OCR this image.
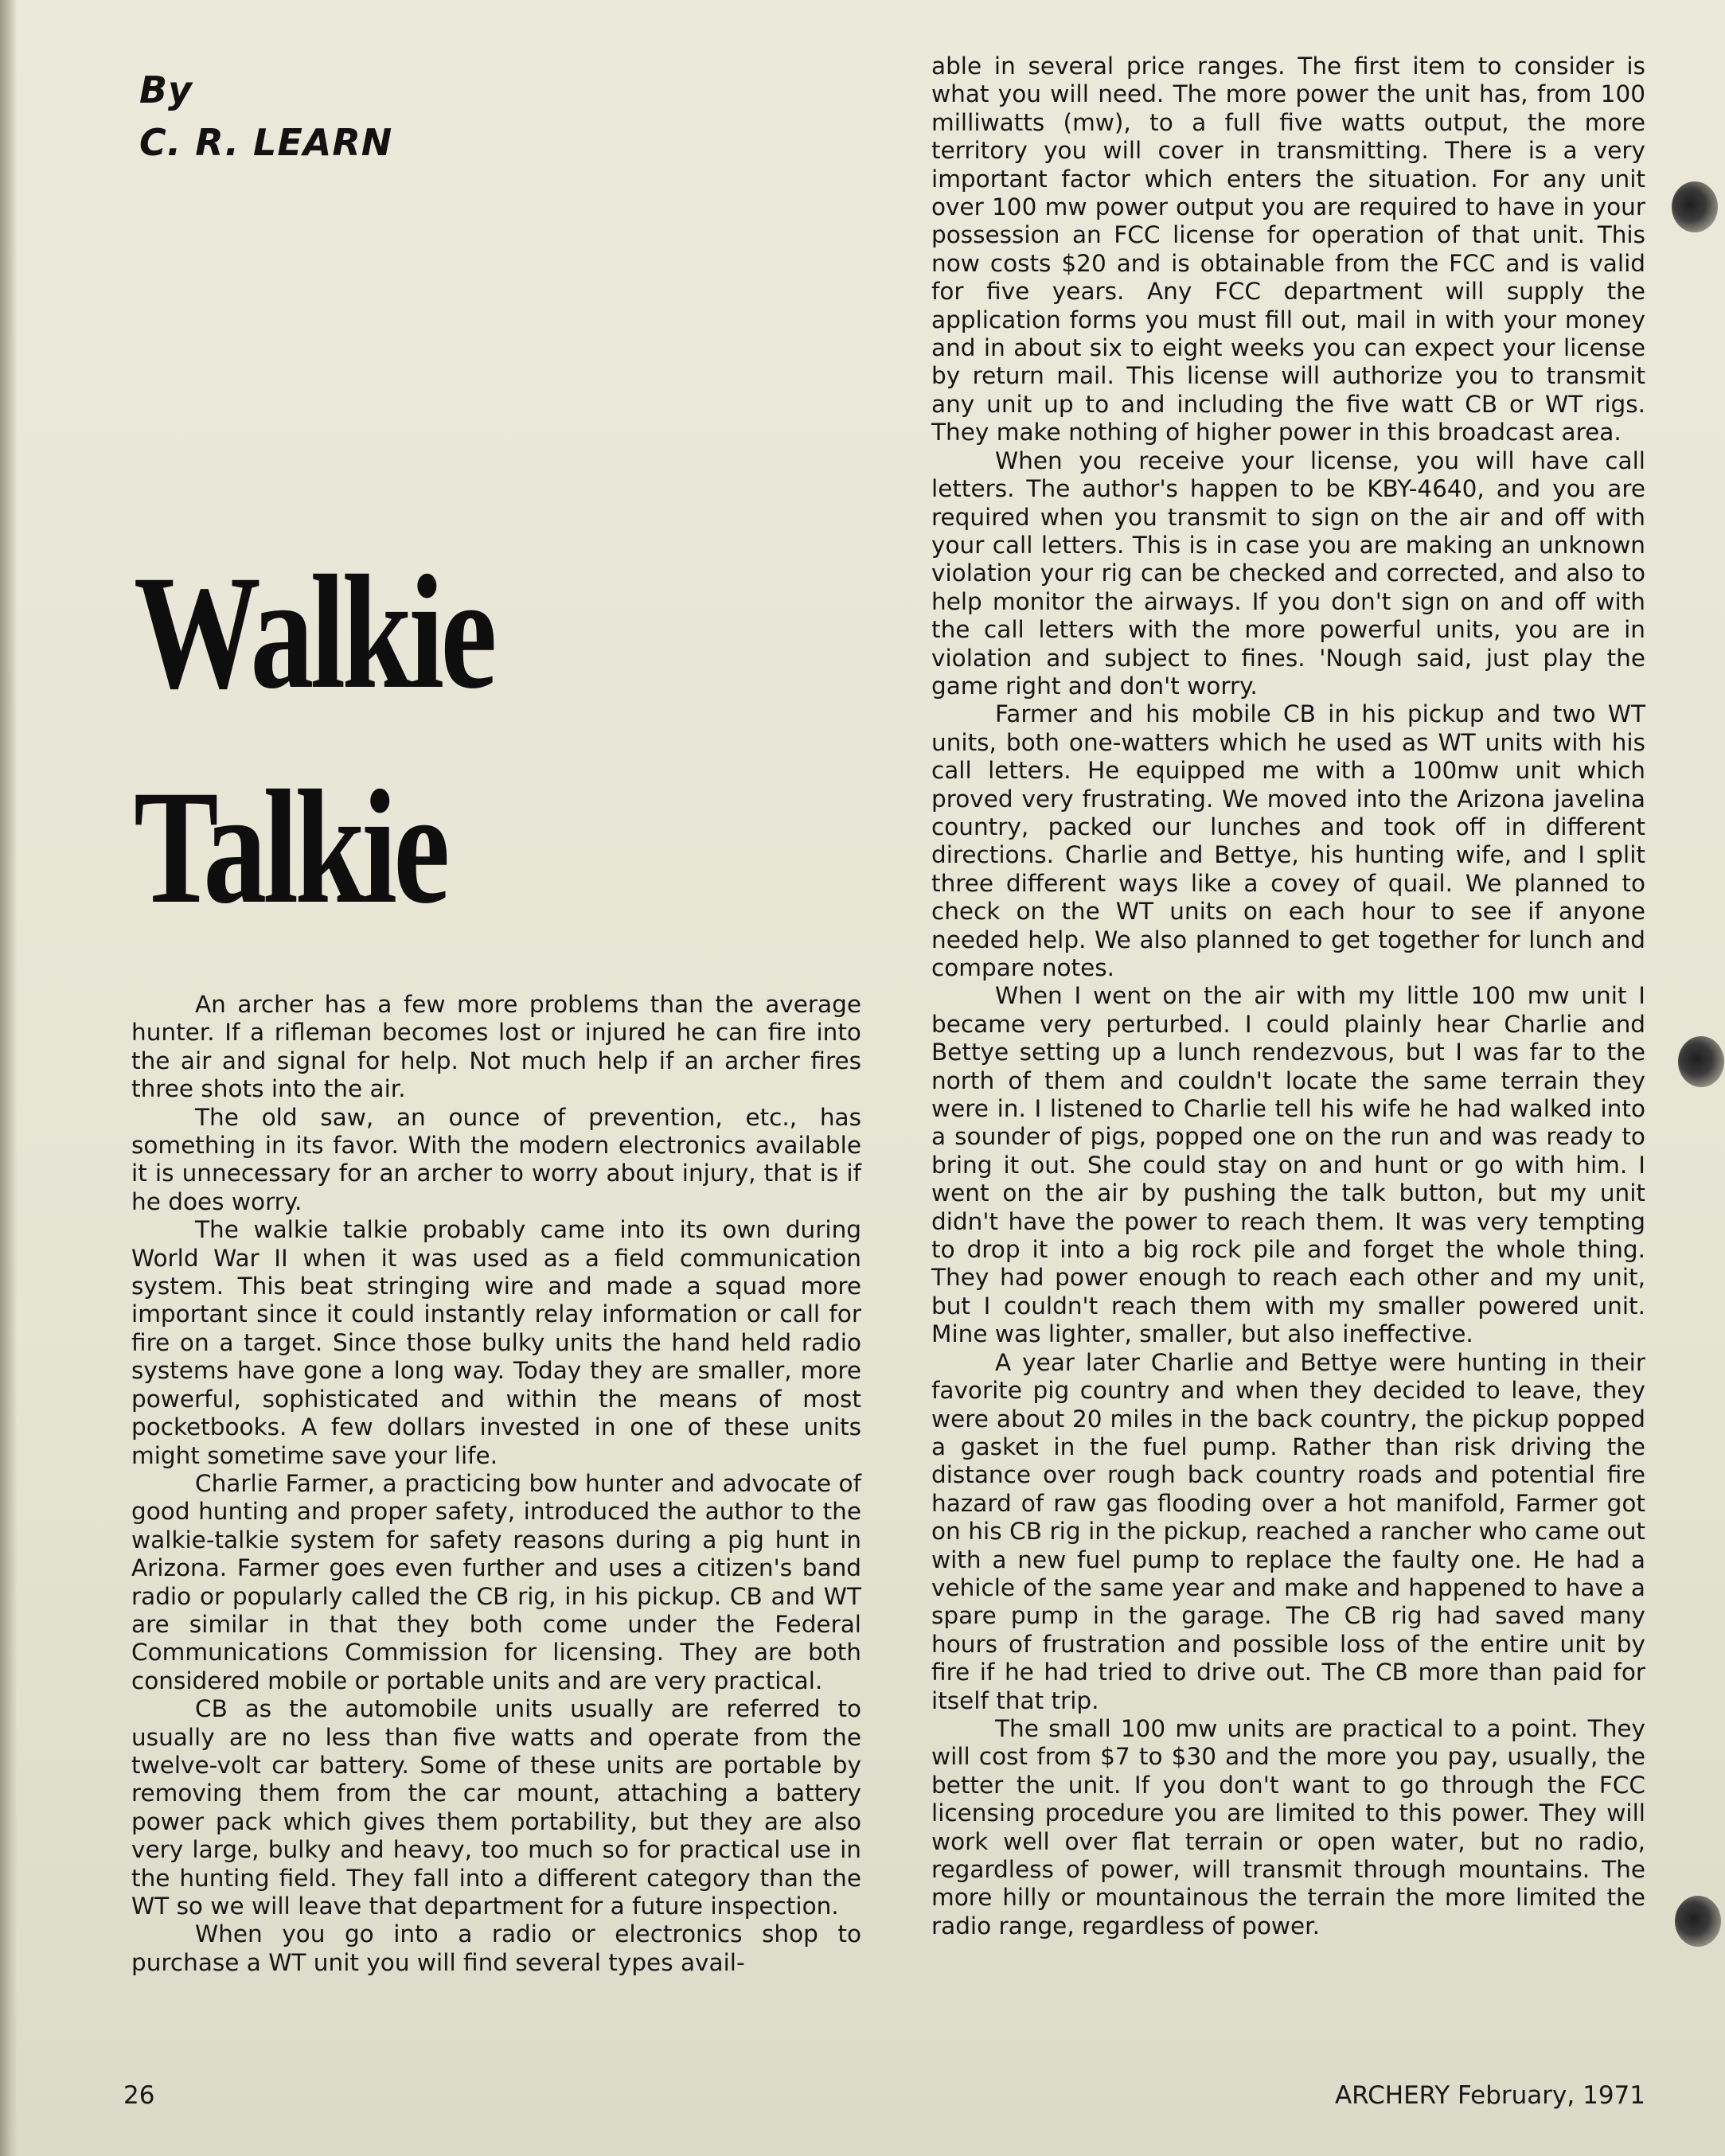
By
C. R. LEARN
Walkie
Talkie

An archer has a few more problems than the average hunter. If a rifleman becomes lost or injured he can fire into the air and signal for help. Not much help if an archer fires three shots into the air.

The old saw, an ounce of prevention, etc., has something in its favor. With the modern electronics available it is unnecessary for an archer to worry about injury, that is if he does worry.

The walkie talkie probably came into its own during World War II when it was used as a field communication system. This beat stringing wire and made a squad more important since it could instantly relay information or call for fire on a target. Since those bulky units the hand held radio systems have gone a long way. Today they are smaller, more powerful, sophisticated and within the means of most pocketbooks. A few dollars invested in one of these units might sometime save your life.

Charlie Farmer, a practicing bow hunter and advocate of good hunting and proper safety, introduced the author to the walkie-talkie system for safety reasons during a pig hunt in Arizona. Farmer goes even further and uses a citizen's band radio or popularly called the CB rig, in his pickup. CB and WT are similar in that they both come under the Federal Communications Commission for licensing. They are both considered mobile or portable units and are very practical.

CB as the automobile units usually are referred to usually are no less than five watts and operate from the twelve-volt car battery. Some of these units are portable by removing them from the car mount, attaching a battery power pack which gives them portability, but they are also very large, bulky and heavy, too much so for practical use in the hunting field. They fall into a different category than the WT so we will leave that department for a future inspection.

When you go into a radio or electronics shop to purchase a WT unit you will find several types avail-

able in several price ranges. The first item to consider is what you will need. The more power the unit has, from 100 milliwatts (mw), to a full five watts output, the more territory you will cover in transmitting. There is a very important factor which enters the situation. For any unit over 100 mw power output you are required to have in your possession an FCC license for operation of that unit. This now costs $20 and is obtainable from the FCC and is valid for five years. Any FCC department will supply the application forms you must fill out, mail in with your money and in about six to eight weeks you can expect your license by return mail. This license will authorize you to transmit any unit up to and including the five watt CB or WT rigs. They make nothing of higher power in this broadcast area.

When you receive your license, you will have call letters. The author's happen to be KBY-4640, and you are required when you transmit to sign on the air and off with your call letters. This is in case you are making an unknown violation your rig can be checked and corrected, and also to help monitor the airways. If you don't sign on and off with the call letters with the more powerful units, you are in violation and subject to fines. 'Nough said, just play the game right and don't worry.

Farmer and his mobile CB in his pickup and two WT units, both one-watters which he used as WT units with his call letters. He equipped me with a 100mw unit which proved very frustrating. We moved into the Arizona javelina country, packed our lunches and took off in different directions. Charlie and Bettye, his hunting wife, and I split three different ways like a covey of quail. We planned to check on the WT units on each hour to see if anyone needed help. We also planned to get together for lunch and compare notes.

When I went on the air with my little 100 mw unit I became very perturbed. I could plainly hear Charlie and Bettye setting up a lunch rendezvous, but I was far to the north of them and couldn't locate the same terrain they were in. I listened to Charlie tell his wife he had walked into a sounder of pigs, popped one on the run and was ready to bring it out. She could stay on and hunt or go with him. I went on the air by pushing the talk button, but my unit didn't have the power to reach them. It was very tempting to drop it into a big rock pile and forget the whole thing. They had power enough to reach each other and my unit, but I couldn't reach them with my smaller powered unit. Mine was lighter, smaller, but also ineffective.

A year later Charlie and Bettye were hunting in their favorite pig country and when they decided to leave, they were about 20 miles in the back country, the pickup popped a gasket in the fuel pump. Rather than risk driving the distance over rough back country roads and potential fire hazard of raw gas flooding over a hot manifold, Farmer got on his CB rig in the pickup, reached a rancher who came out with a new fuel pump to replace the faulty one. He had a vehicle of the same year and make and happened to have a spare pump in the garage. The CB rig had saved many hours of frustration and possible loss of the entire unit by fire if he had tried to drive out. The CB more than paid for itself that trip.

The small 100 mw units are practical to a point. They will cost from $7 to $30 and the more you pay, usually, the better the unit. If you don't want to go through the FCC licensing procedure you are limited to this power. They will work well over flat terrain or open water, but no radio, regardless of power, will transmit through mountains. The more hilly or mountainous the terrain the more limited the radio range, regardless of power.

26	ARCHERY February, 1971
